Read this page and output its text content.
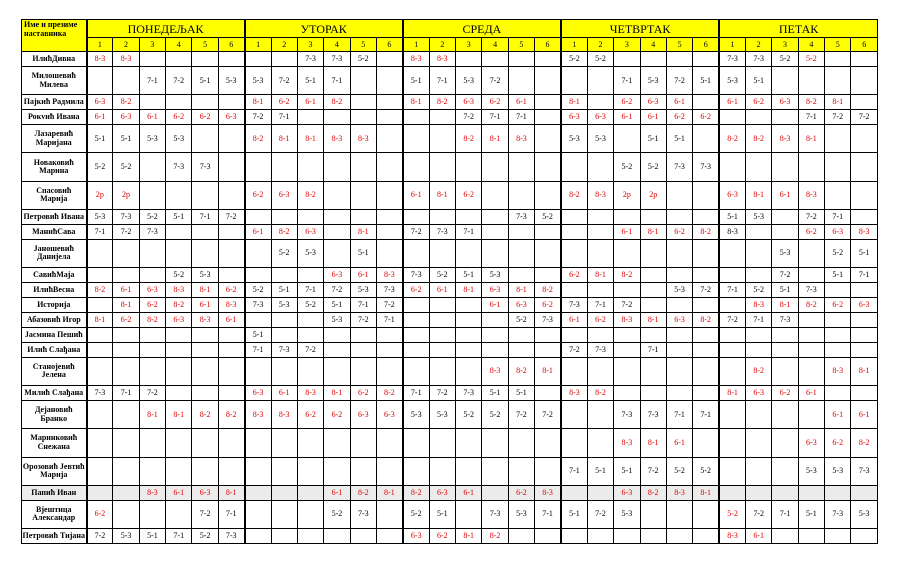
Име и презиме наставника	ПОНЕДЕЉАК						УТОРАК						СРЕДА						ЧЕТВРТАК						ПЕТАК					
	1	2	3	4	5	6	1	2	3	4	5	6	1	2	3	4	5	6	1	2	3	4	5	6	1	2	3	4	5	6
ИлићДивна	8-3	8-3							7-3	7-3	5-2		8-3	8-3					5-2	5-2					7-3	7-3	5-2	5-2		
Милошевић Милева			7-1	7-2	5-1	5-3	5-3	7-2	5-1	7-1			5-1	7-1	5-3	7-2					7-1	5-3	7-2	5-1	5-3	5-1				
Пајкић Радмила	6-3	8-2					8-1	6-2	6-1	8-2			8-1	8-2	6-3	6-2	6-1		8-1		6-2	6-3	6-1		6-1	6-2	6-3	8-2	8-1	
Рокvић Ивана	6-1	6-3	6-1	6-2	6-2	6-3	7-2	7-1							7-2	7-1	7-1		6-3	6-3	6-1	6-1	6-2	6-2				7-1	7-2	7-2
Лазаревић Маријана	5-1	5-1	5-3	5-3			8-2	8-1	8-1	8-3	8-3				8-2	8-1	8-3		5-3	5-3		5-1	5-1		8-2	8-2	8-3	8-1		
Новаковић Марина	5-2	5-2		7-3	7-3																5-2	5-2	7-3	7-3						
Спасовић Марија	2р	2р					6-2	6-3	8-2				6-1	8-1	6-2				8-2	8-3	2р	2р			6-3	8-1	6-1	8-3		
Петровић Ивана	5-3	7-3	5-2	5-1	7-1	7-2											7-3	5-2							5-1	5-3		7-2	7-1	
МанићСава	7-1	7-2	7-3				6-1	8-2	6-3		8-1		7-2	7-3	7-1						6-1	8-1	6-2	8-2	8-3			6-2	6-3	8-3
Јаношевић Данијела								5-2	5-3		5-1																5-3		5-2	5-1
СавићМаја				5-2	5-3					6-3	6-1	8-3	7-3	5-2	5-1	5-3			6-2	8-1	8-2						7-2		5-1	7-1
ИлићВесна	8-2	6-1	6-3	8-3	8-1	6-2	5-2	5-1	7-1	7-2	5-3	7-3	6-2	6-1	8-1	6-3	8-1	8-2					5-3	7-2	7-1	5-2	5-1	7-3		
Историја		8-1	6-2	8-2	6-1	8-3	7-3	5-3	5-2	5-1	7-1	7-2				6-1	6-3	6-2	7-3	7-1	7-2					8-3	8-1	8-2	6-2	6-3
Абазовић Игор	8-1	6-2	8-2	6-3	8-3	6-1				5-3	7-2	7-1					5-2	7-3	6-1	6-2	8-3	8-1	6-3	8-2	7-2	7-1	7-3			
Јасмина Пешић							5-1																							
Илић Слађана							7-1	7-3	7-2										7-2	7-3		7-1								
Станојевић Јелена																8-3	8-2	8-1								8-2			8-3	8-1
Милић Слађана	7-3	7-1	7-2				6-3	6-1	8-3	8-1	6-2	8-2	7-1	7-2	7-3	5-1	5-1		8-3	8-2					8-1	6-3	6-2	6-1		
Дејановић Бранко			8-1	8-1	8-2	8-2	8-3	8-3	6-2	6-2	6-3	6-3	5-3	5-3	5-2	5-2	7-2	7-2			7-3	7-3	7-1	7-1					6-1	6-1
Маринковић Снежана																					8-3	8-1	6-1					6-3	6-2	8-2
Орозовић Јевтић Марија																			7-1	5-1	5-1	7-2	5-2	5-2				5-3	5-3	7-3
Папић Иван			8-3	6-1	6-3	8-1				6-1	8-2	8-1	8-2	6-3	6-1		6-2	8-3			6-3	8-2	8-3	8-1						
Вјештица Александар	6-2				7-2	7-1				5-2	7-3		5-2	5-1		7-3	5-3	7-1	5-1	7-2	5-3				5-2	7-2	7-1	5-1	7-3	5-3
Петровић Тијана	7-2	5-3	5-1	7-1	5-2	7-3							6-3	6-2	8-1	8-2									8-3	6-1				
